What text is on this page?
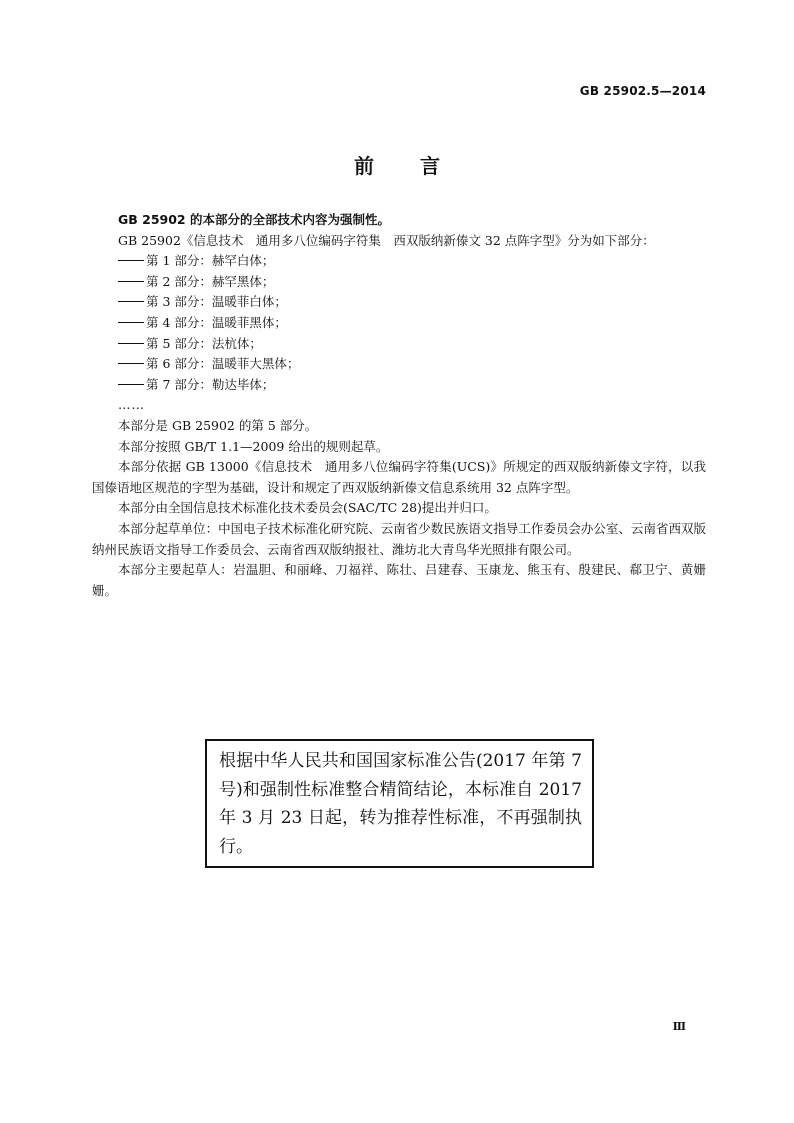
GB 25902.5—2014
前言

GB 25902 的本部分的全部技术内容为强制性。

GB 25902《信息技术　通用多八位编码字符集　西双版纳新傣文 32 点阵字型》分为如下部分：

第 1 部分：赫罕白体；

第 2 部分：赫罕黑体；

第 3 部分：温暖菲白体；

第 4 部分：温暖菲黑体；

第 5 部分：法杭体；

第 6 部分：温暖菲大黑体；

第 7 部分：勒达毕体；

……

本部分是 GB 25902 的第 5 部分。

本部分按照 GB/T 1.1—2009 给出的规则起草。

本部分依据 GB 13000《信息技术　通用多八位编码字符集(UCS)》所规定的西双版纳新傣文字符，以我国傣语地区规范的字型为基础，设计和规定了西双版纳新傣文信息系统用 32 点阵字型。

本部分由全国信息技术标准化技术委员会(SAC/TC 28)提出并归口。

本部分起草单位：中国电子技术标准化研究院、云南省少数民族语文指导工作委员会办公室、云南省西双版纳州民族语文指导工作委员会、云南省西双版纳报社、潍坊北大青鸟华光照排有限公司。

本部分主要起草人：岩温胆、和丽峰、刀福祥、陈壮、吕建春、玉康龙、熊玉有、殷建民、郗卫宁、黄姗姗。

根据中华人民共和国国家标准公告(2017 年第 7 号)和强制性标准整合精简结论，本标准自 2017 年 3 月 23 日起，转为推荐性标准，不再强制执行。
Ⅲ
